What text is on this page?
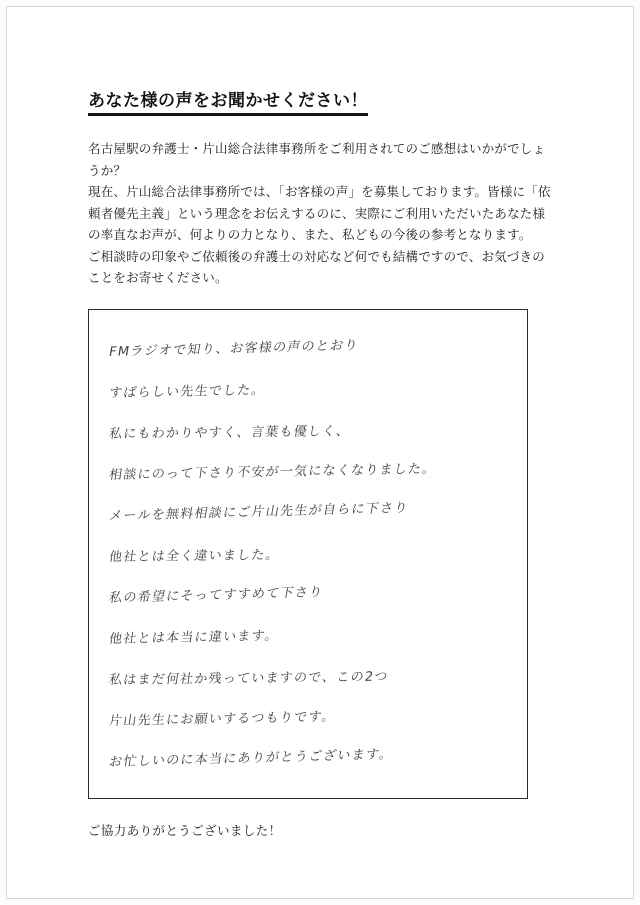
あなた様の声をお聞かせください！

名古屋駅の弁護士・片山総合法律事務所をご利用されてのご感想はいかがでしょうか？

現在、片山総合法律事務所では、「お客様の声」を募集しております。皆様に「依頼者優先主義」という理念をお伝えするのに、実際にご利用いただいたあなた様の率直なお声が、何よりの力となり、また、私どもの今後の参考となります。

ご相談時の印象やご依頼後の弁護士の対応など何でも結構ですので、お気づきのことをお寄せください。

FMラジオで知り、お客様の声のとおり
すばらしい先生でした。
私にもわかりやすく、言葉も優しく、
相談にのって下さり不安が一気になくなりました。
メールを無料相談にご片山先生が自らに下さり
他社とは全く違いました。
私の希望にそってすすめて下さり
他社とは本当に違います。
私はまだ何社か残っていますので、この2つ
片山先生にお願いするつもりです。
お忙しいのに本当にありがとうございます。
ご協力ありがとうございました！
